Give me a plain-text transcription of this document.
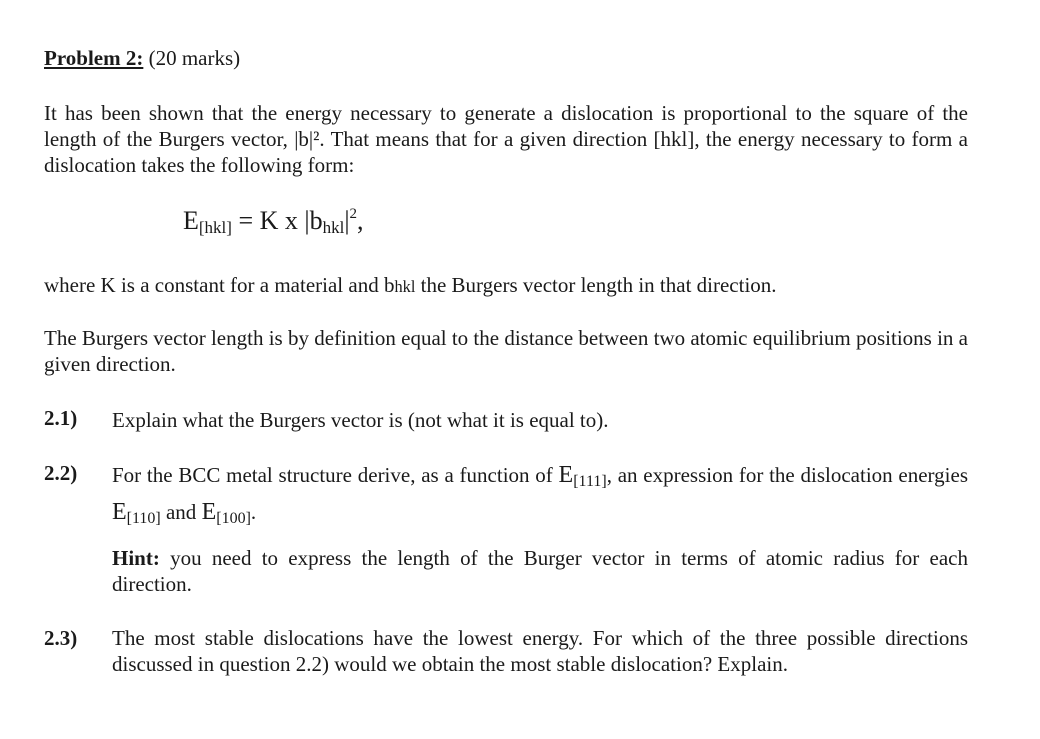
Problem 2: (20 marks)
It has been shown that the energy necessary to generate a dislocation is proportional to the square of the length of the Burgers vector, |b|². That means that for a given direction [hkl], the energy necessary to form a dislocation takes the following form:
$E_{[hkl]} = K$ x $|b_{hkl}|^2$,
where K is a constant for a material and bhkl the Burgers vector length in that direction.
The Burgers vector length is by definition equal to the distance between two atomic equilibrium positions in a given direction.
2.1) Explain what the Burgers vector is (not what it is equal to).
2.2) For the BCC metal structure derive, as a function of $E_{[111]}$, an expression for the dislocation energies $E_{[110]}$ and $E_{[100]}$.
Hint: you need to express the length of the Burger vector in terms of atomic radius for each direction.
2.3) The most stable dislocations have the lowest energy. For which of the three possible directions discussed in question 2.2) would we obtain the most stable dislocation? Explain.
